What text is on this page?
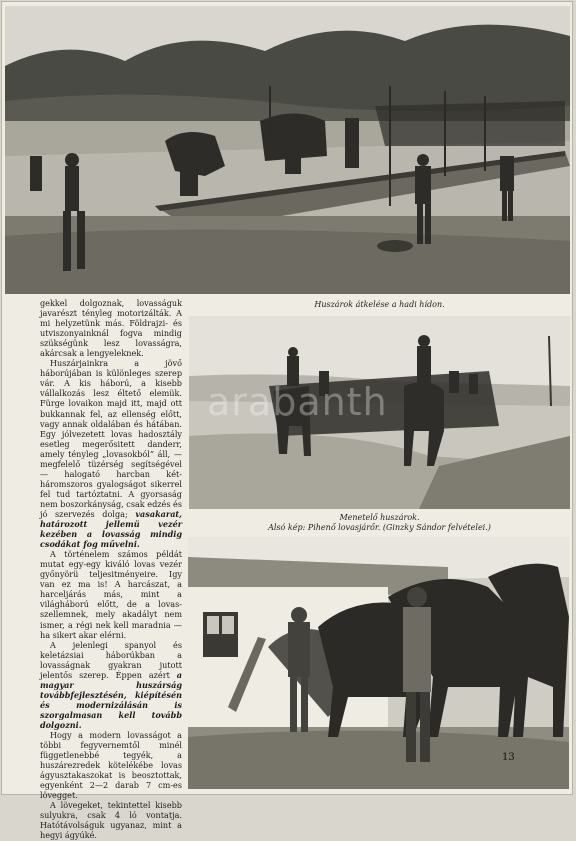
Huszárok átkelése a hadi hídon.

gekkel dolgoznak, lovasságuk javarészt tényleg motorizálták. A mi helyzetünk más. Földrajzi- és utviszonyainknál fogva mindig szükségünk lesz lovasságra, akárcsak a lengyeleknek.

Huszárjainkra a jövő háborújában is különleges szerep vár. A kis háború, a kisebb vállalkozás lesz éltető elemük. Fürge lovaikon majd itt, majd ott bukkannak fel, az ellenség előtt, vagy annak oldalában és hátában. Egy jólvezetett lovas hadosztály esetleg megerősitett danderr, amely tényleg „lovasokból” áll, — megfelelő tüzérség segítségével — halogató harcban két-háromszoros gyalogságot sikerrel fel tud tartóztatni. A gyorsaság nem boszorkányság, csak edzés és jó szervezés dolga; vasakarat, határozott jellemü vezér kezében a lovasság mindig csodákat fog művelni.

A történelem számos példát mutat egy-egy kiváló lovas vezér győnyörü teljesitményeire. Igy van ez ma is! A harcászat, a harceljárás más, mint a világháború előtt, de a lovas-szellemnek, mely akadályt nem ismer, a régi nek kell maradnia — ha sikert akar elérni.

A jelenlegi spanyol és keletázsiai háborúkban a lovasságnak gyakran jutott jelentős szerep. Éppen azért a magyar huszárság továbbfejlesztésén, kiépítésén és modernizálásán is szorgalmasan kell tovább dolgozni.

Hogy a modern lovasságot a többi fegyvernemtől minél függetlenebbé tegyék, a huszárezredek kötelékébe lovas ágyusztakaszokat is beosztottak, egyenként 2—2 darab 7 cm-es lövegget.

A lövegeket, tekintettel kisebb sulyukra, csak 4 ló vontatja. Hatótávolságuk ugyanaz, mint a hegyi ágyúké.

Menetelő huszárok.
Alsó kép: Pihenő lovasjárőr. (Ginzky Sándor felvételei.)
arabanth
13
